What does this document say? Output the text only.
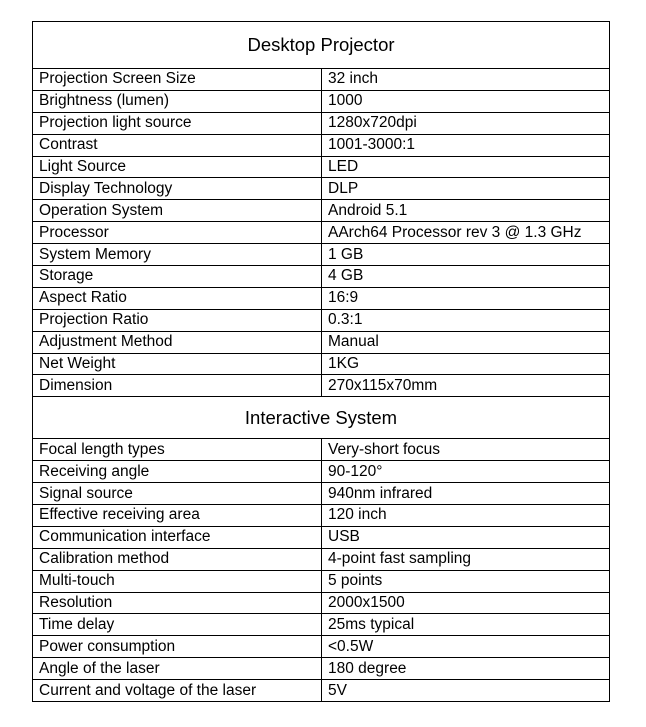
Desktop Projector	
Projection Screen Size	32 inch
Brightness (lumen)	1000
Projection light source	1280x720dpi
Contrast	1001-3000:1
Light Source	LED
Display Technology	DLP
Operation System	Android 5.1
Processor	AArch64 Processor rev 3 @ 1.3 GHz
System Memory	1 GB
Storage	4 GB
Aspect Ratio	16:9
Projection Ratio	0.3:1
Adjustment Method	Manual
Net Weight	1KG
Dimension	270x115x70mm
Interactive System	
Focal length types	Very-short focus
Receiving angle	90-120°
Signal source	940nm infrared
Effective receiving area	120 inch
Communication interface	USB
Calibration method	4-point fast sampling
Multi-touch	5 points
Resolution	2000x1500
Time delay	25ms typical
Power consumption	<0.5W
Angle of the laser	180 degree
Current and voltage of the laser	5V
